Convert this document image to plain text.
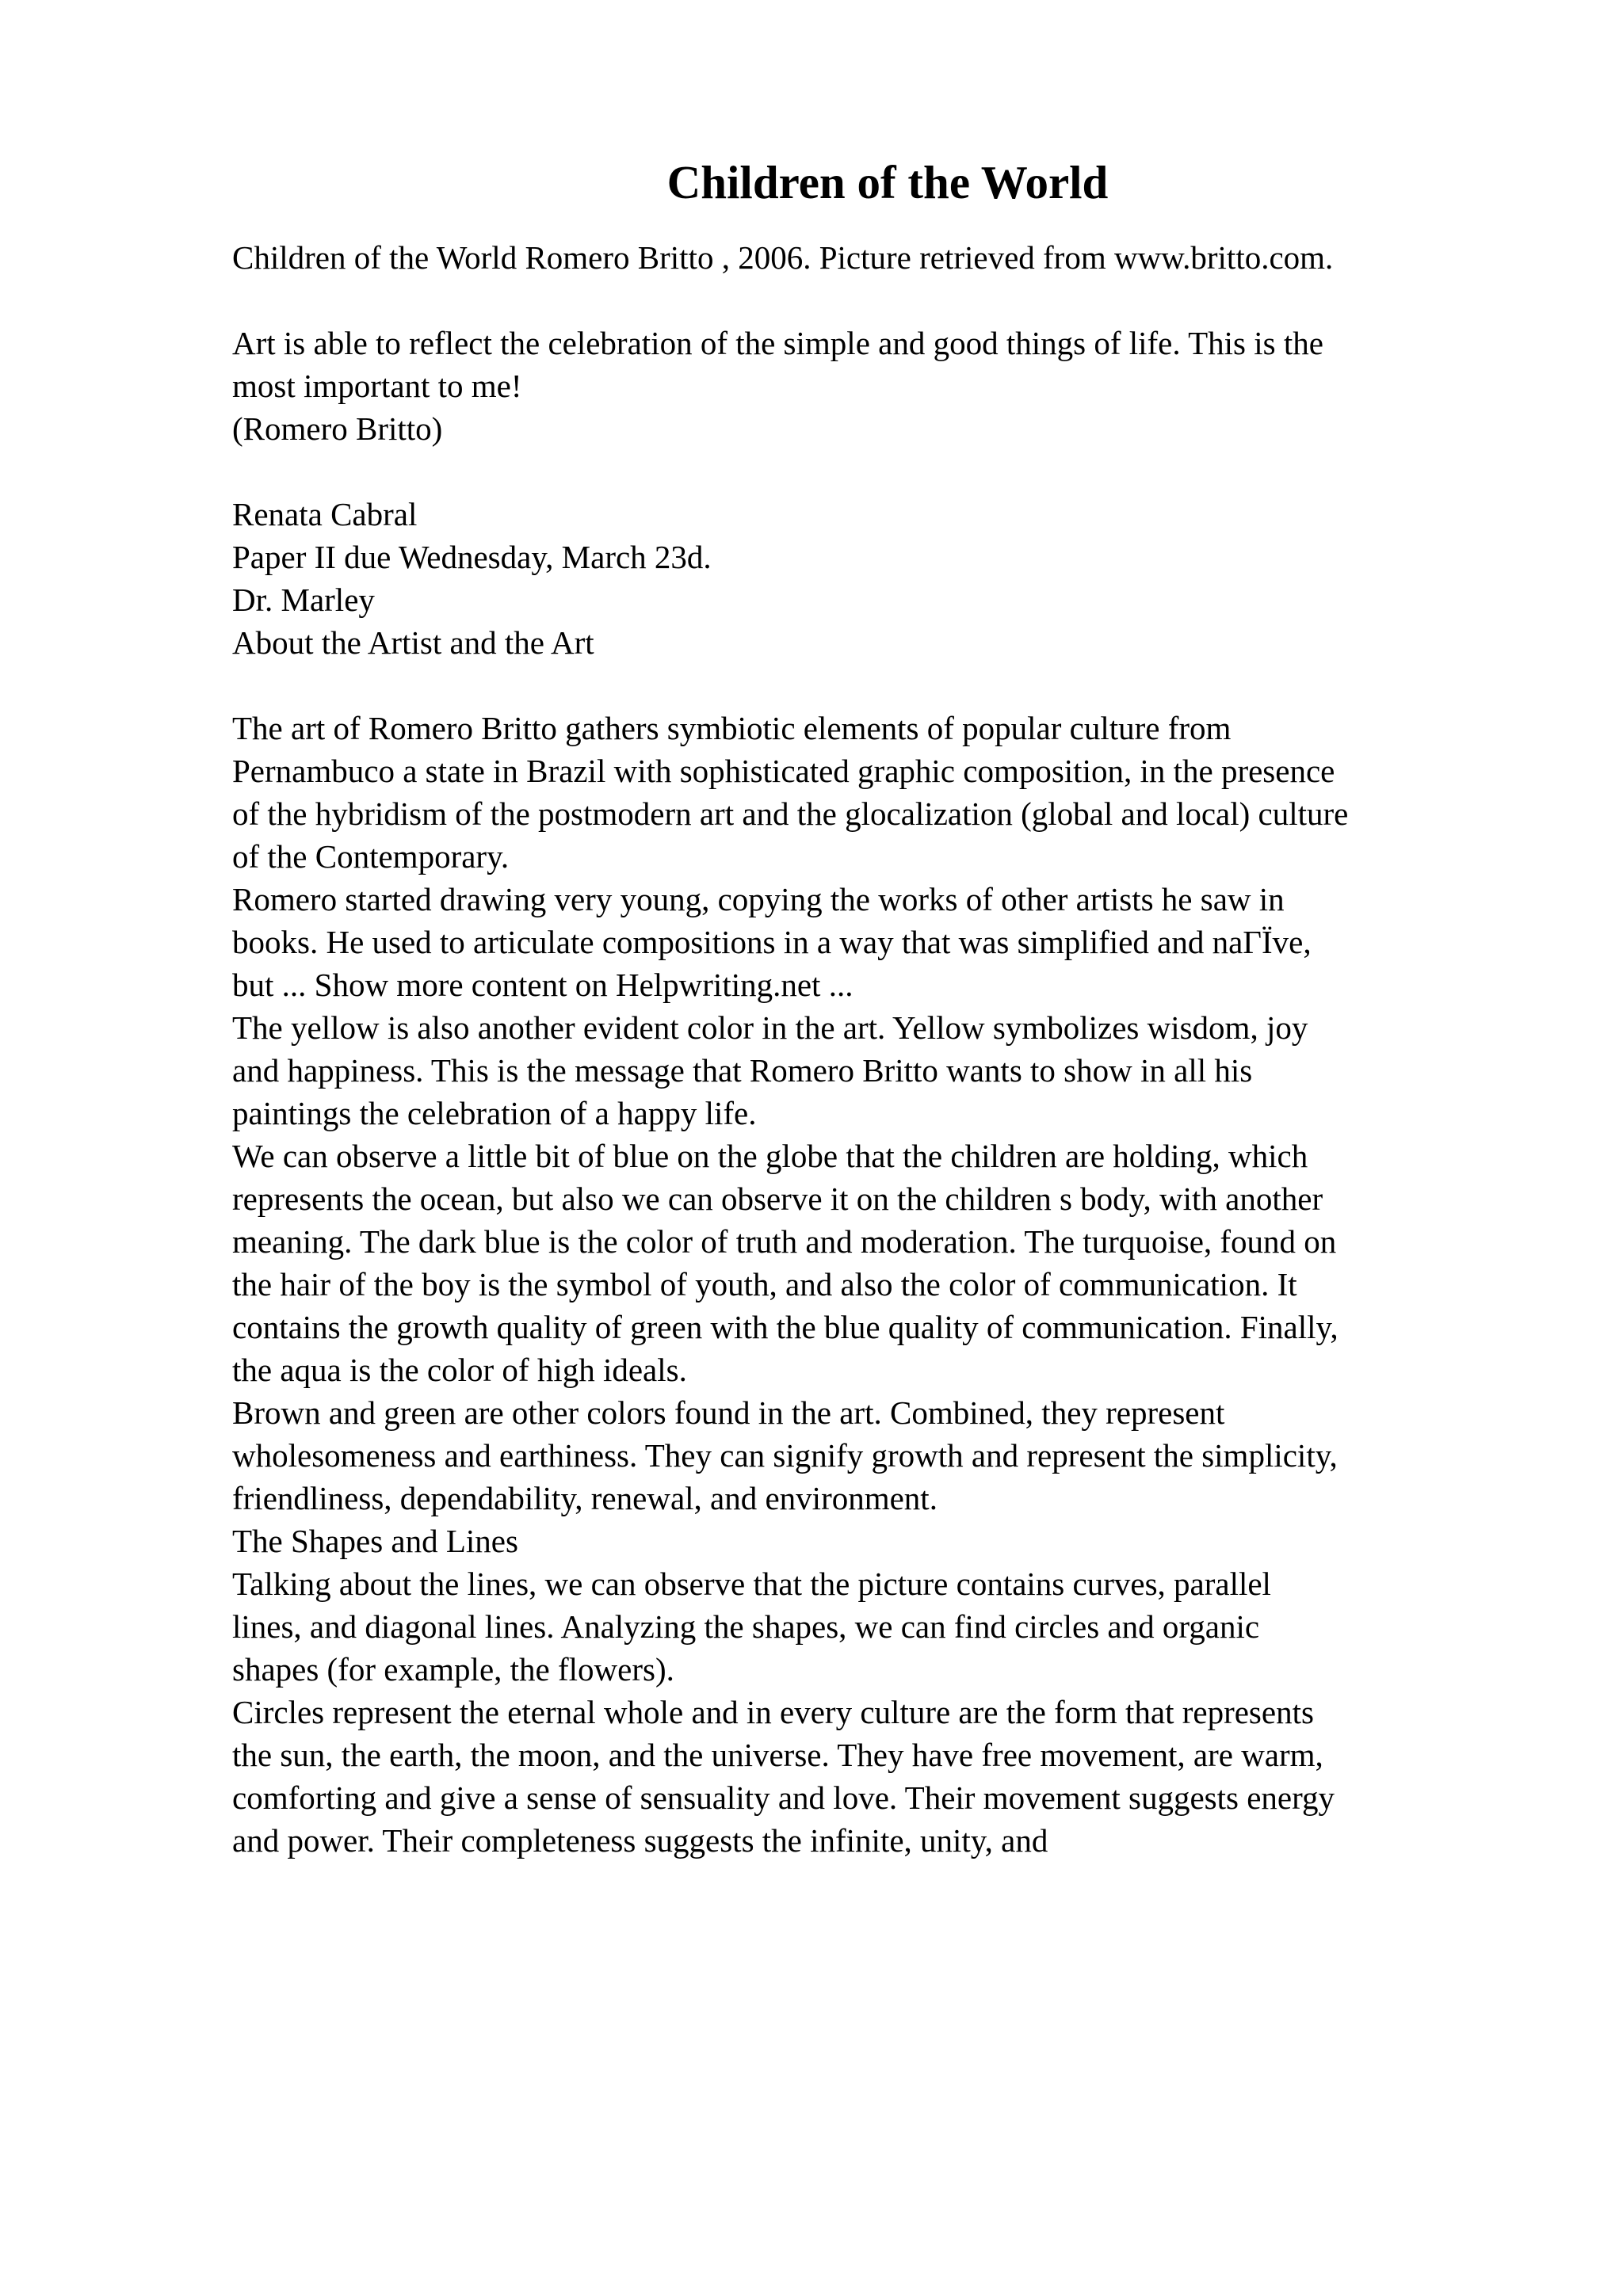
Children of the World

Children of the World Romero Britto , 2006. Picture retrieved from www.britto.com.

Art is able to reflect the celebration of the simple and good things of life. This is the
most important to me!
(Romero Britto)
Renata Cabral
Paper II due Wednesday, March 23d.
Dr. Marley
About the Artist and the Art
The art of Romero Britto gathers symbiotic elements of popular culture from
Pernambuco a state in Brazil with sophisticated graphic composition, in the presence
of the hybridism of the postmodern art and the glocalization (global and local) culture
of the Contemporary.
Romero started drawing very young, copying the works of other artists he saw in
books. He used to articulate compositions in a way that was simplified and naГЇve,
but ... Show more content on Helpwriting.net ...
The yellow is also another evident color in the art. Yellow symbolizes wisdom, joy
and happiness. This is the message that Romero Britto wants to show in all his
paintings the celebration of a happy life.
We can observe a little bit of blue on the globe that the children are holding, which
represents the ocean, but also we can observe it on the children s body, with another
meaning. The dark blue is the color of truth and moderation. The turquoise, found on
the hair of the boy is the symbol of youth, and also the color of communication. It
contains the growth quality of green with the blue quality of communication. Finally,
the aqua is the color of high ideals.
Brown and green are other colors found in the art. Combined, they represent
wholesomeness and earthiness. They can signify growth and represent the simplicity,
friendliness, dependability, renewal, and environment.
The Shapes and Lines
Talking about the lines, we can observe that the picture contains curves, parallel
lines, and diagonal lines. Analyzing the shapes, we can find circles and organic
shapes (for example, the flowers).
Circles represent the eternal whole and in every culture are the form that represents
the sun, the earth, the moon, and the universe. They have free movement, are warm,
comforting and give a sense of sensuality and love. Their movement suggests energy
and power. Their completeness suggests the infinite, unity, and
